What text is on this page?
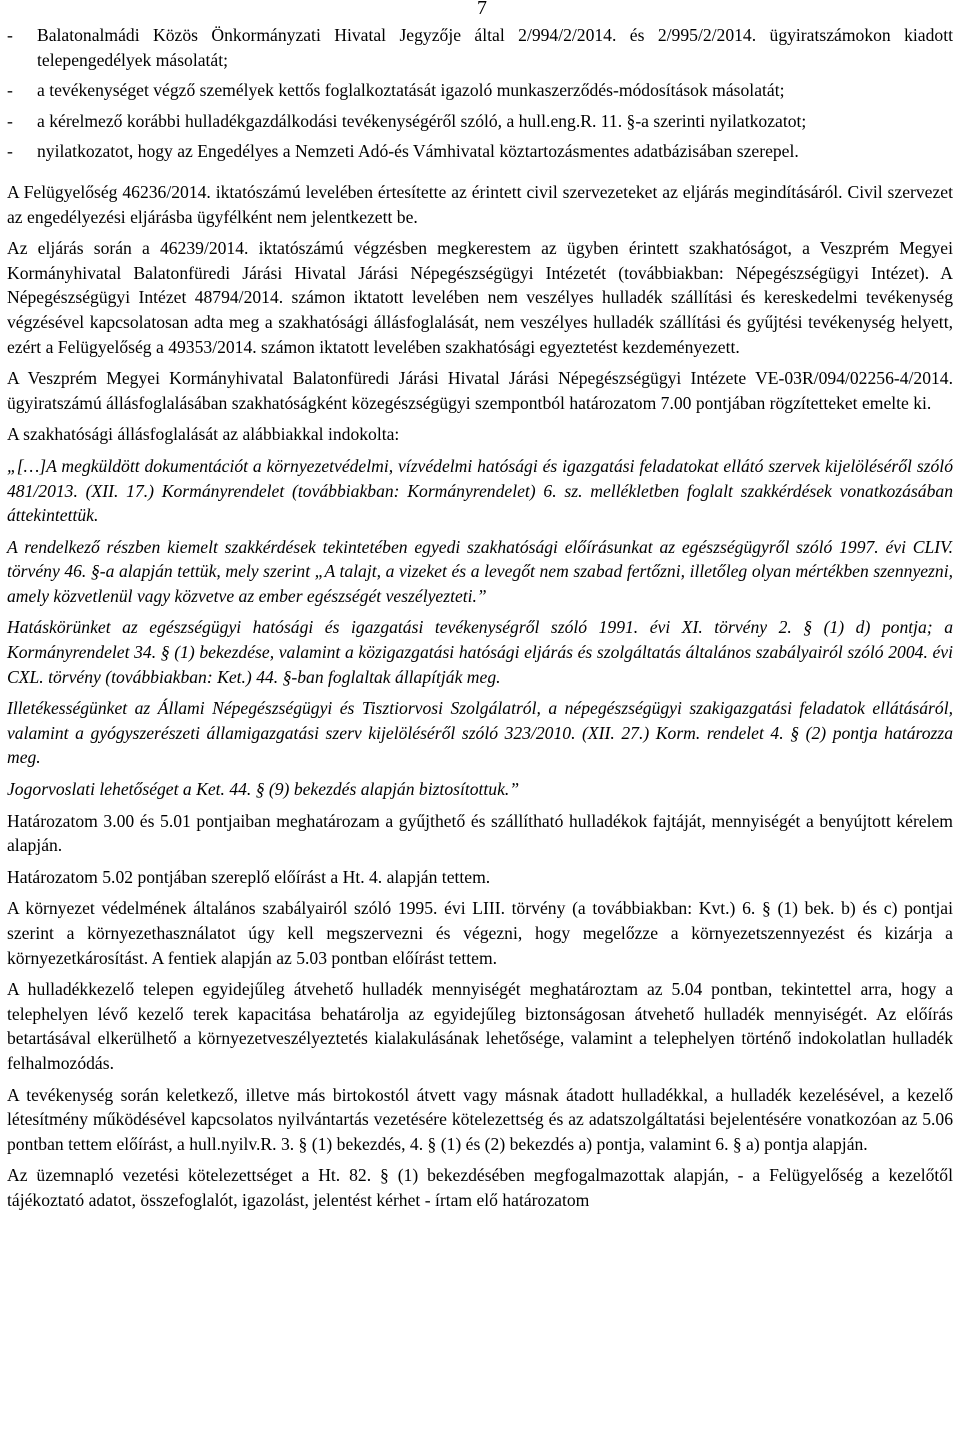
7
-	Balatonalmádi Közös Önkormányzati Hivatal Jegyzője által 2/994/2/2014. és 2/995/2/2014. ügyiratszámokon kiadott telepengedélyek másolatát;
-	a tevékenységet végző személyek kettős foglalkoztatását igazoló munkaszerződés-módosítások másolatát;
-	a kérelmező korábbi hulladékgazdálkodási tevékenységéről szóló, a hull.eng.R. 11. §-a szerinti nyilatkozatot;
-	nyilatkozatot, hogy az Engedélyes a Nemzeti Adó-és Vámhivatal köztartozásmentes adatbázisában szerepel.

A Felügyelőség 46236/2014. iktatószámú levelében értesítette az érintett civil szervezeteket az eljárás megindításáról. Civil szervezet az engedélyezési eljárásba ügyfélként nem jelentkezett be.

Az eljárás során a 46239/2014. iktatószámú végzésben megkerestem az ügyben érintett szakhatóságot, a Veszprém Megyei Kormányhivatal Balatonfüredi Járási Hivatal Járási Népegészségügyi Intézetét (továbbiakban: Népegészségügyi Intézet). A Népegészségügyi Intézet 48794/2014. számon iktatott levelében nem veszélyes hulladék szállítási és kereskedelmi tevékenység végzésével kapcsolatosan adta meg a szakhatósági állásfoglalását, nem veszélyes hulladék szállítási és gyűjtési tevékenység helyett, ezért a Felügyelőség a 49353/2014. számon iktatott levelében szakhatósági egyeztetést kezdeményezett.

A Veszprém Megyei Kormányhivatal Balatonfüredi Járási Hivatal Járási Népegészségügyi Intézete VE-03R/094/02256-4/2014. ügyiratszámú állásfoglalásában szakhatóságként közegészségügyi szempontból határozatom 7.00 pontjában rögzítetteket emelte ki.

A szakhatósági állásfoglalását az alábbiakkal indokolta:

„[…]A megküldött dokumentációt a környezetvédelmi, vízvédelmi hatósági és igazgatási feladatokat ellátó szervek kijelöléséről szóló 481/2013. (XII. 17.) Kormányrendelet (továbbiakban: Kormányrendelet) 6. sz. mellékletben foglalt szakkérdések vonatkozásában áttekintettük.

A rendelkező részben kiemelt szakkérdések tekintetében egyedi szakhatósági előírásunkat az egészségügyről szóló 1997. évi CLIV. törvény 46. §-a alapján tettük, mely szerint „A talajt, a vizeket és a levegőt nem szabad fertőzni, illetőleg olyan mértékben szennyezni, amely közvetlenül vagy közvetve az ember egészségét veszélyezteti.”

Hatáskörünket az egészségügyi hatósági és igazgatási tevékenységről szóló 1991. évi XI. törvény 2. § (1) d) pontja; a Kormányrendelet 34. § (1) bekezdése, valamint a közigazgatási hatósági eljárás és szolgáltatás általános szabályairól szóló 2004. évi CXL. törvény (továbbiakban: Ket.) 44. §-ban foglaltak állapítják meg.

Illetékességünket az Állami Népegészségügyi és Tisztiorvosi Szolgálatról, a népegészségügyi szakigazgatási feladatok ellátásáról, valamint a gyógyszerészeti államigazgatási szerv kijelöléséről szóló 323/2010. (XII. 27.) Korm. rendelet 4. § (2) pontja határozza meg.

Jogorvoslati lehetőséget a Ket. 44. § (9) bekezdés alapján biztosítottuk.”

Határozatom 3.00 és 5.01 pontjaiban meghatározam a gyűjthető és szállítható hulladékok fajtáját, mennyiségét a benyújtott kérelem alapján.

Határozatom 5.02 pontjában szereplő előírást a Ht. 4. alapján tettem.

A környezet védelmének általános szabályairól szóló 1995. évi LIII. törvény (a továbbiakban: Kvt.) 6. § (1) bek. b) és c) pontjai szerint a környezethasználatot úgy kell megszervezni és végezni, hogy megelőzze a környezetszennyezést és kizárja a környezetkárosítást. A fentiek alapján az 5.03 pontban előírást tettem.

A hulladékkezelő telepen egyidejűleg átvehető hulladék mennyiségét meghatároztam az 5.04 pontban, tekintettel arra, hogy a telephelyen lévő kezelő terek kapacitása behatárolja az egyidejűleg biztonságosan átvehető hulladék mennyiségét. Az előírás betartásával elkerülhető a környezetveszélyeztetés kialakulásának lehetősége, valamint a telephelyen történő indokolatlan hulladék felhalmozódás.

A tevékenység során keletkező, illetve más birtokostól átvett vagy másnak átadott hulladékkal, a hulladék kezelésével, a kezelő létesítmény működésével kapcsolatos nyilvántartás vezetésére kötelezettség és az adatszolgáltatási bejelentésére vonatkozóan az 5.06 pontban tettem előírást, a hull.nyilv.R. 3. § (1) bekezdés, 4. § (1) és (2) bekezdés a) pontja, valamint 6. § a) pontja alapján.

Az üzemnapló vezetési kötelezettséget a Ht. 82. § (1) bekezdésében megfogalmazottak alapján, - a Felügyelőség a kezelőtől tájékoztató adatot, összefoglalót, igazolást, jelentést kérhet - írtam elő határozatom
